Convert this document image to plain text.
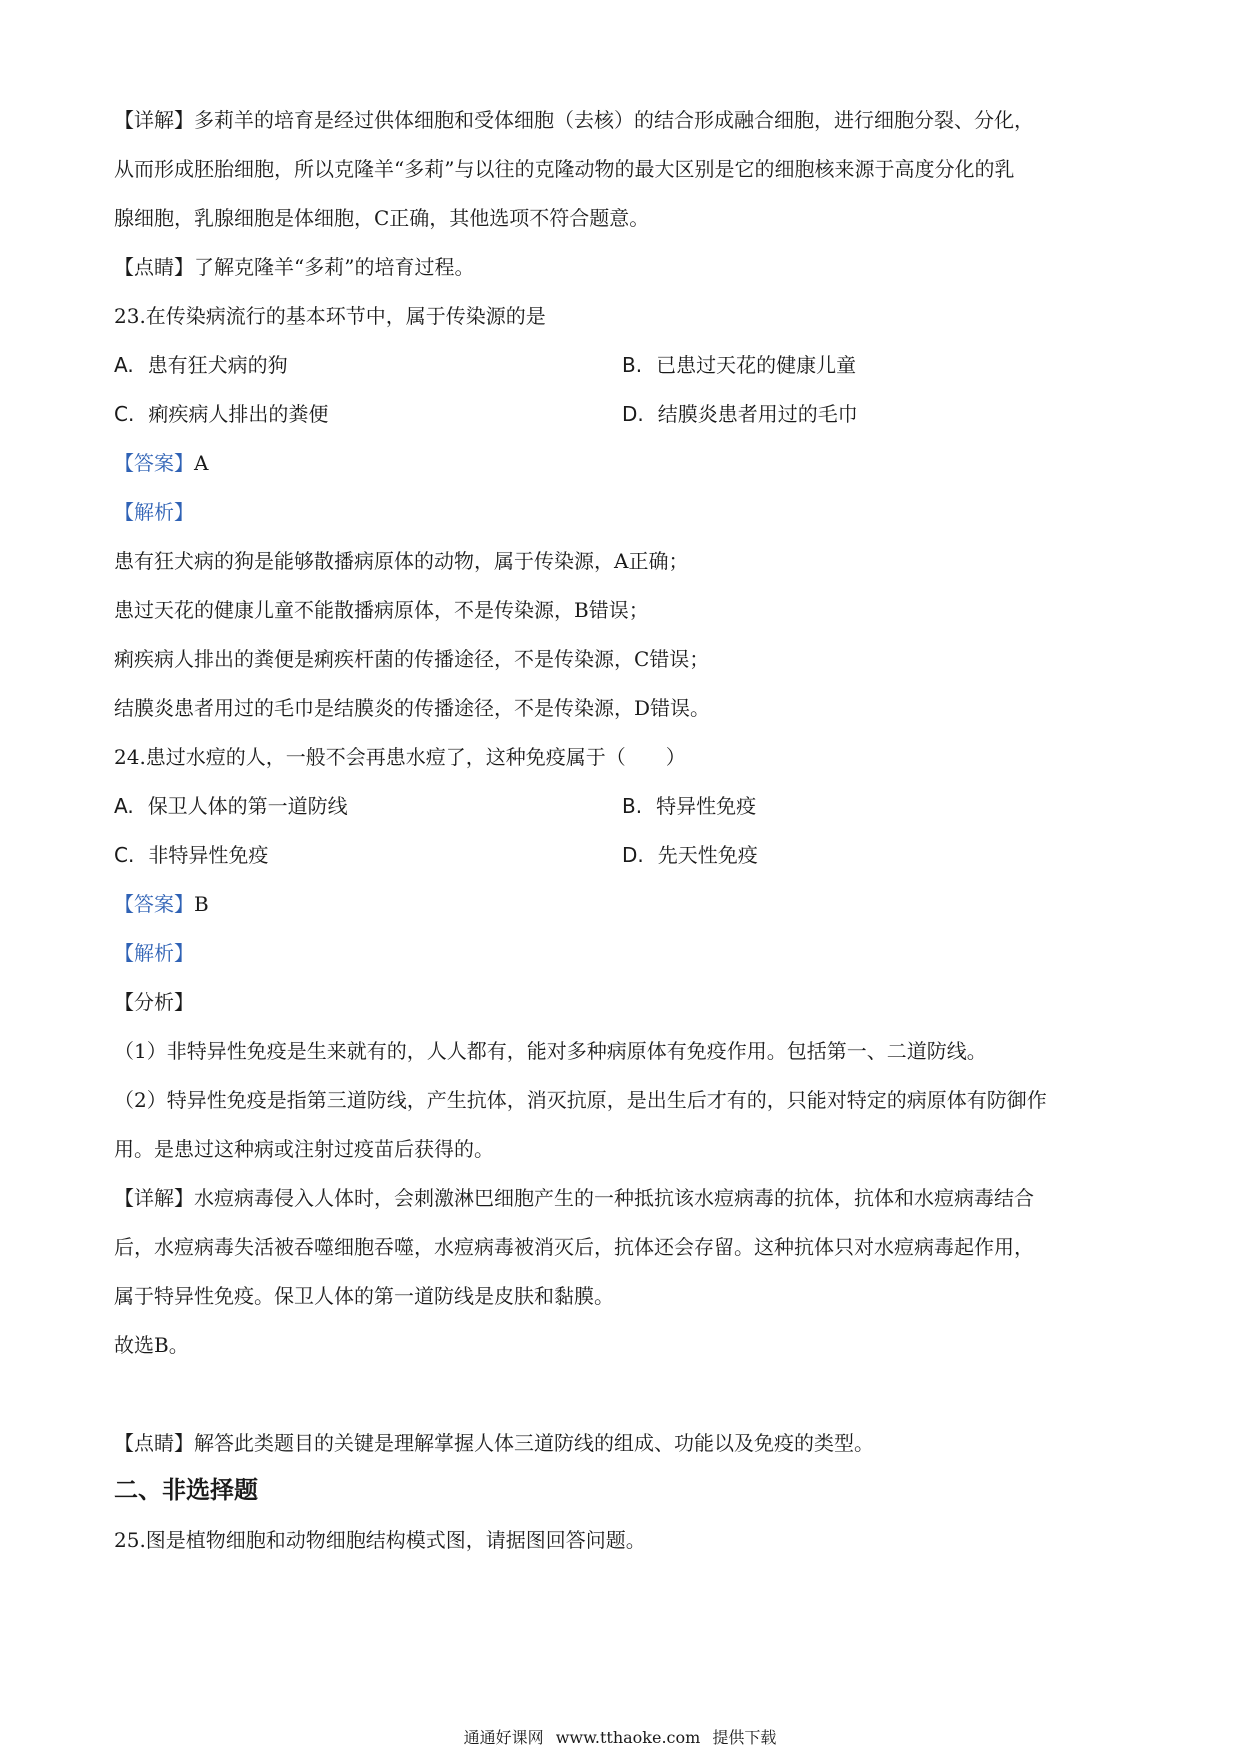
【详解】多莉羊的培育是经过供体细胞和受体细胞（去核）的结合形成融合细胞，进行细胞分裂、分化，
从而形成胚胎细胞，所以克隆羊“多莉”与以往的克隆动物的最大区别是它的细胞核来源于高度分化的乳
腺细胞，乳腺细胞是体细胞，C正确，其他选项不符合题意。
【点睛】了解克隆羊“多莉”的培育过程。
23.在传染病流行的基本环节中，属于传染源的是
A. 患有狂犬病的狗	B. 已患过天花的健康儿童
C. 痢疾病人排出的粪便	D. 结膜炎患者用过的毛巾
【答案】A
【解析】
患有狂犬病的狗是能够散播病原体的动物，属于传染源，A正确；
患过天花的健康儿童不能散播病原体，不是传染源，B错误；
痢疾病人排出的粪便是痢疾杆菌的传播途径，不是传染源，C错误；
结膜炎患者用过的毛巾是结膜炎的传播途径，不是传染源，D错误。
24.患过水痘的人，一般不会再患水痘了，这种免疫属于（　　）
A. 保卫人体的第一道防线	B. 特异性免疫
C. 非特异性免疫	D. 先天性免疫
【答案】B
【解析】
【分析】
（1）非特异性免疫是生来就有的，人人都有，能对多种病原体有免疫作用。包括第一、二道防线。
（2）特异性免疫是指第三道防线，产生抗体，消灭抗原，是出生后才有的，只能对特定的病原体有防御作
用。是患过这种病或注射过疫苗后获得的。
【详解】水痘病毒侵入人体时，会刺激淋巴细胞产生的一种抵抗该水痘病毒的抗体，抗体和水痘病毒结合
后，水痘病毒失活被吞噬细胞吞噬，水痘病毒被消灭后，抗体还会存留。这种抗体只对水痘病毒起作用，
属于特异性免疫。保卫人体的第一道防线是皮肤和黏膜。
故选B。
【点睛】解答此类题目的关键是理解掌握人体三道防线的组成、功能以及免疫的类型。
二、非选择题
25.图是植物细胞和动物细胞结构模式图，请据图回答问题。
通通好课网 www.tthaoke.com 提供下载
